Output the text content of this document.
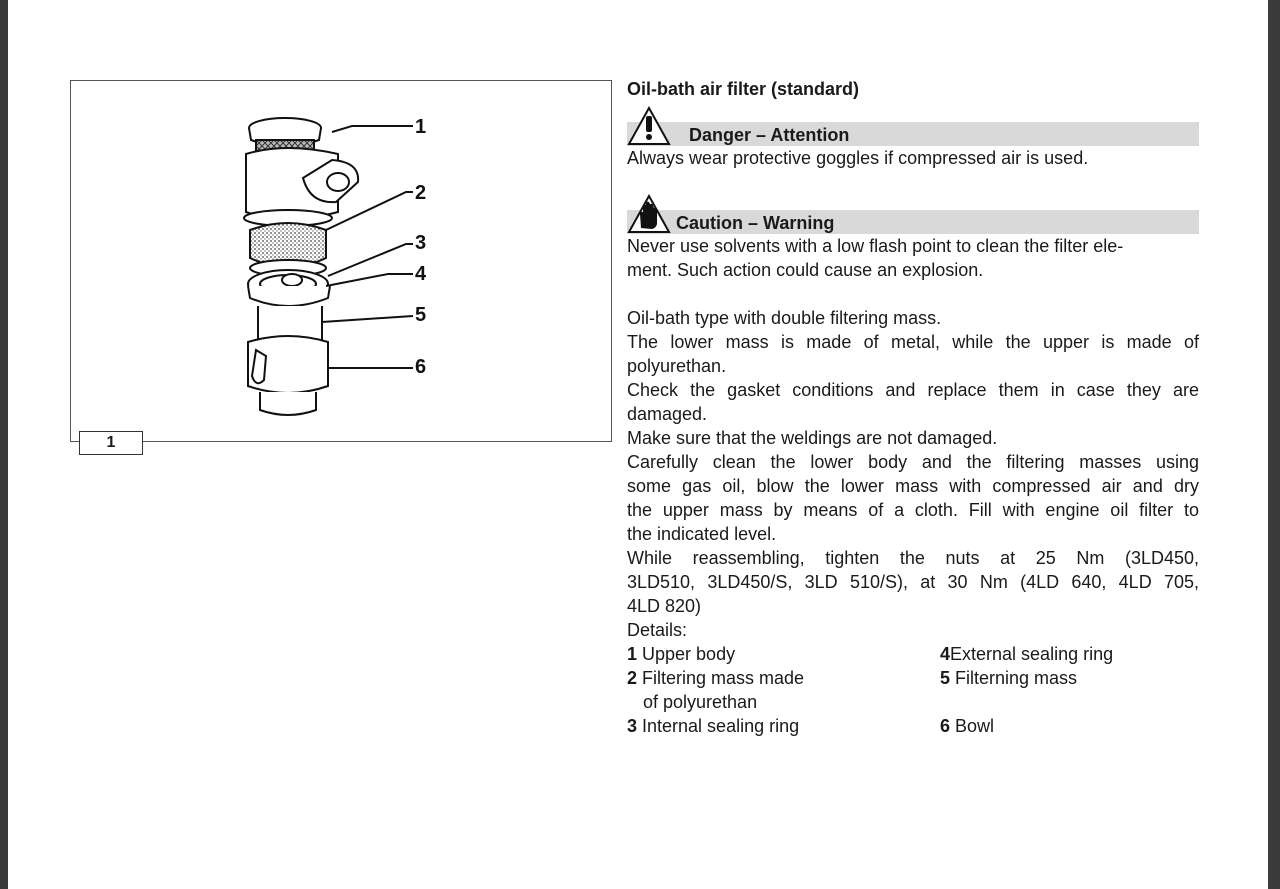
1
2
3
4
5
6
1
Oil-bath air filter (standard)
Danger – Attention

Always wear protective goggles if compressed air is used.

Caution – Warning

Never use solvents with a low flash point to clean the filter ele-

ment. Such action could cause an explosion.

Oil-bath type with double filtering mass.

The lower mass is made of metal, while the upper is made of

polyurethan.

Check the gasket conditions and replace them in case they are

damaged.

Make sure that the weldings are not damaged.

Carefully clean the lower body and the filtering masses using

some gas oil, blow the lower mass with compressed air and dry

the upper mass by means of a cloth. Fill with engine oil filter to

the indicated level.

While reassembling, tighten the nuts at 25 Nm (3LD450,

3LD510, 3LD450/S, 3LD 510/S), at 30 Nm (4LD 640, 4LD 705,

4LD 820)

Details:

1 Upper body	4External sealing ring
2 Filtering mass made	5 Filterning mass
of polyurethan
3 Internal sealing ring	6 Bowl
